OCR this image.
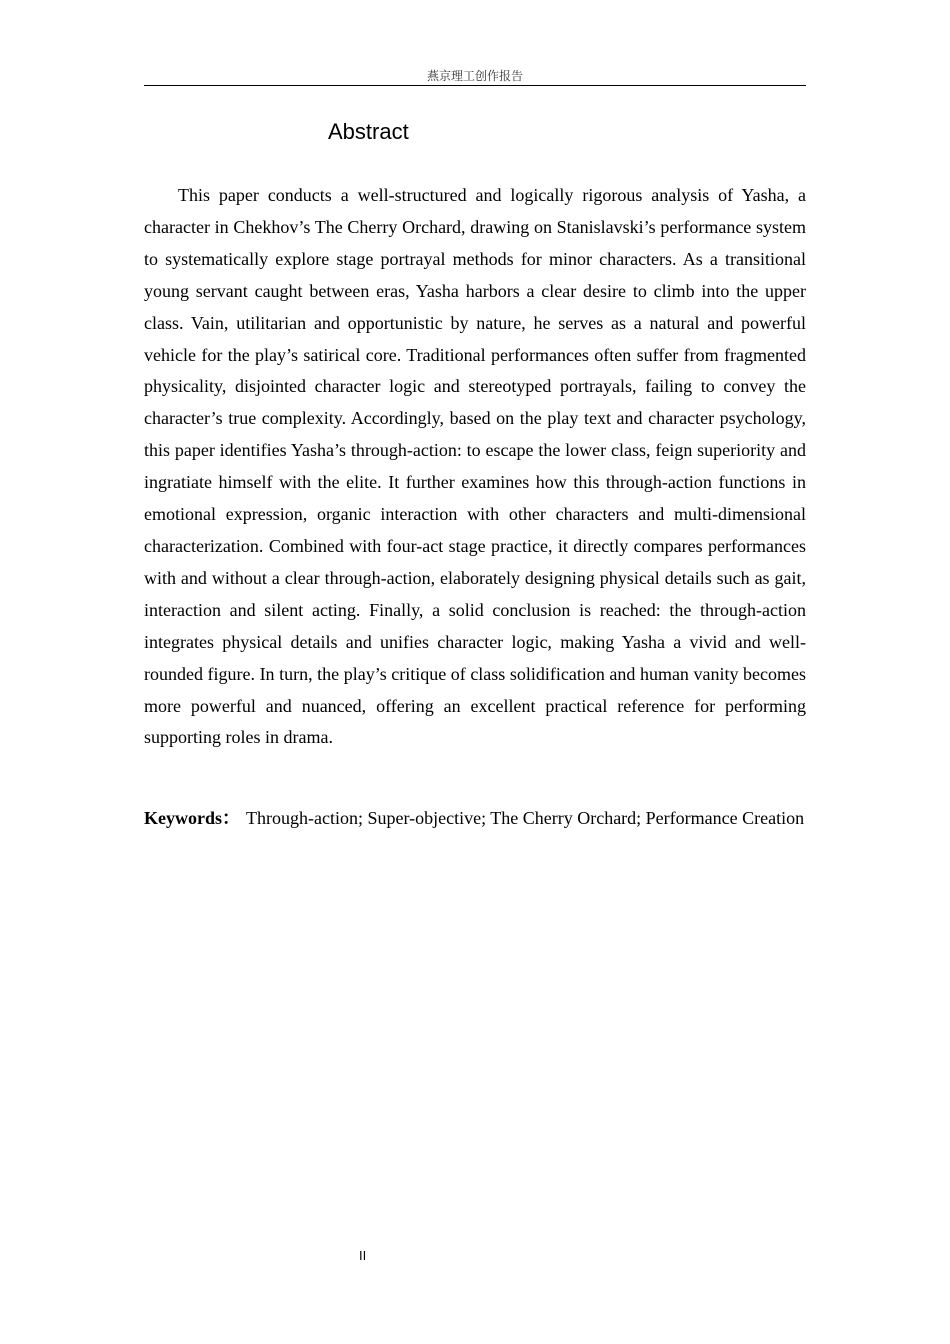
燕京理工创作报告
Abstract

This paper conducts a well-structured and logically rigorous analysis of Yasha, a character in Chekhov’s The Cherry Orchard, drawing on Stanislavski’s performance system to systematically explore stage portrayal methods for minor characters. As a transitional young servant caught between eras, Yasha harbors a clear desire to climb into the upper class. Vain, utilitarian and opportunistic by nature, he serves as a natural and powerful vehicle for the play’s satirical core. Traditional performances often suffer from fragmented physicality, disjointed character logic and stereotyped portrayals, failing to convey the character’s true complexity. Accordingly, based on the play text and character psychology, this paper identifies Yasha’s through-action: to escape the lower class, feign superiority and ingratiate himself with the elite. It further examines how this through-action functions in emotional expression, organic interaction with other characters and multi-dimensional characterization. Combined with four-act stage practice, it directly compares performances with and without a clear through-action, elaborately designing physical details such as gait, interaction and silent acting. Finally, a solid conclusion is reached: the through-action integrates physical details and unifies character logic, making Yasha a vivid and well-rounded figure. In turn, the play’s critique of class solidification and human vanity becomes more powerful and nuanced, offering an excellent practical reference for performing supporting roles in drama.

Keywords： Through-action; Super-objective; The Cherry Orchard; Performance Creation

II
